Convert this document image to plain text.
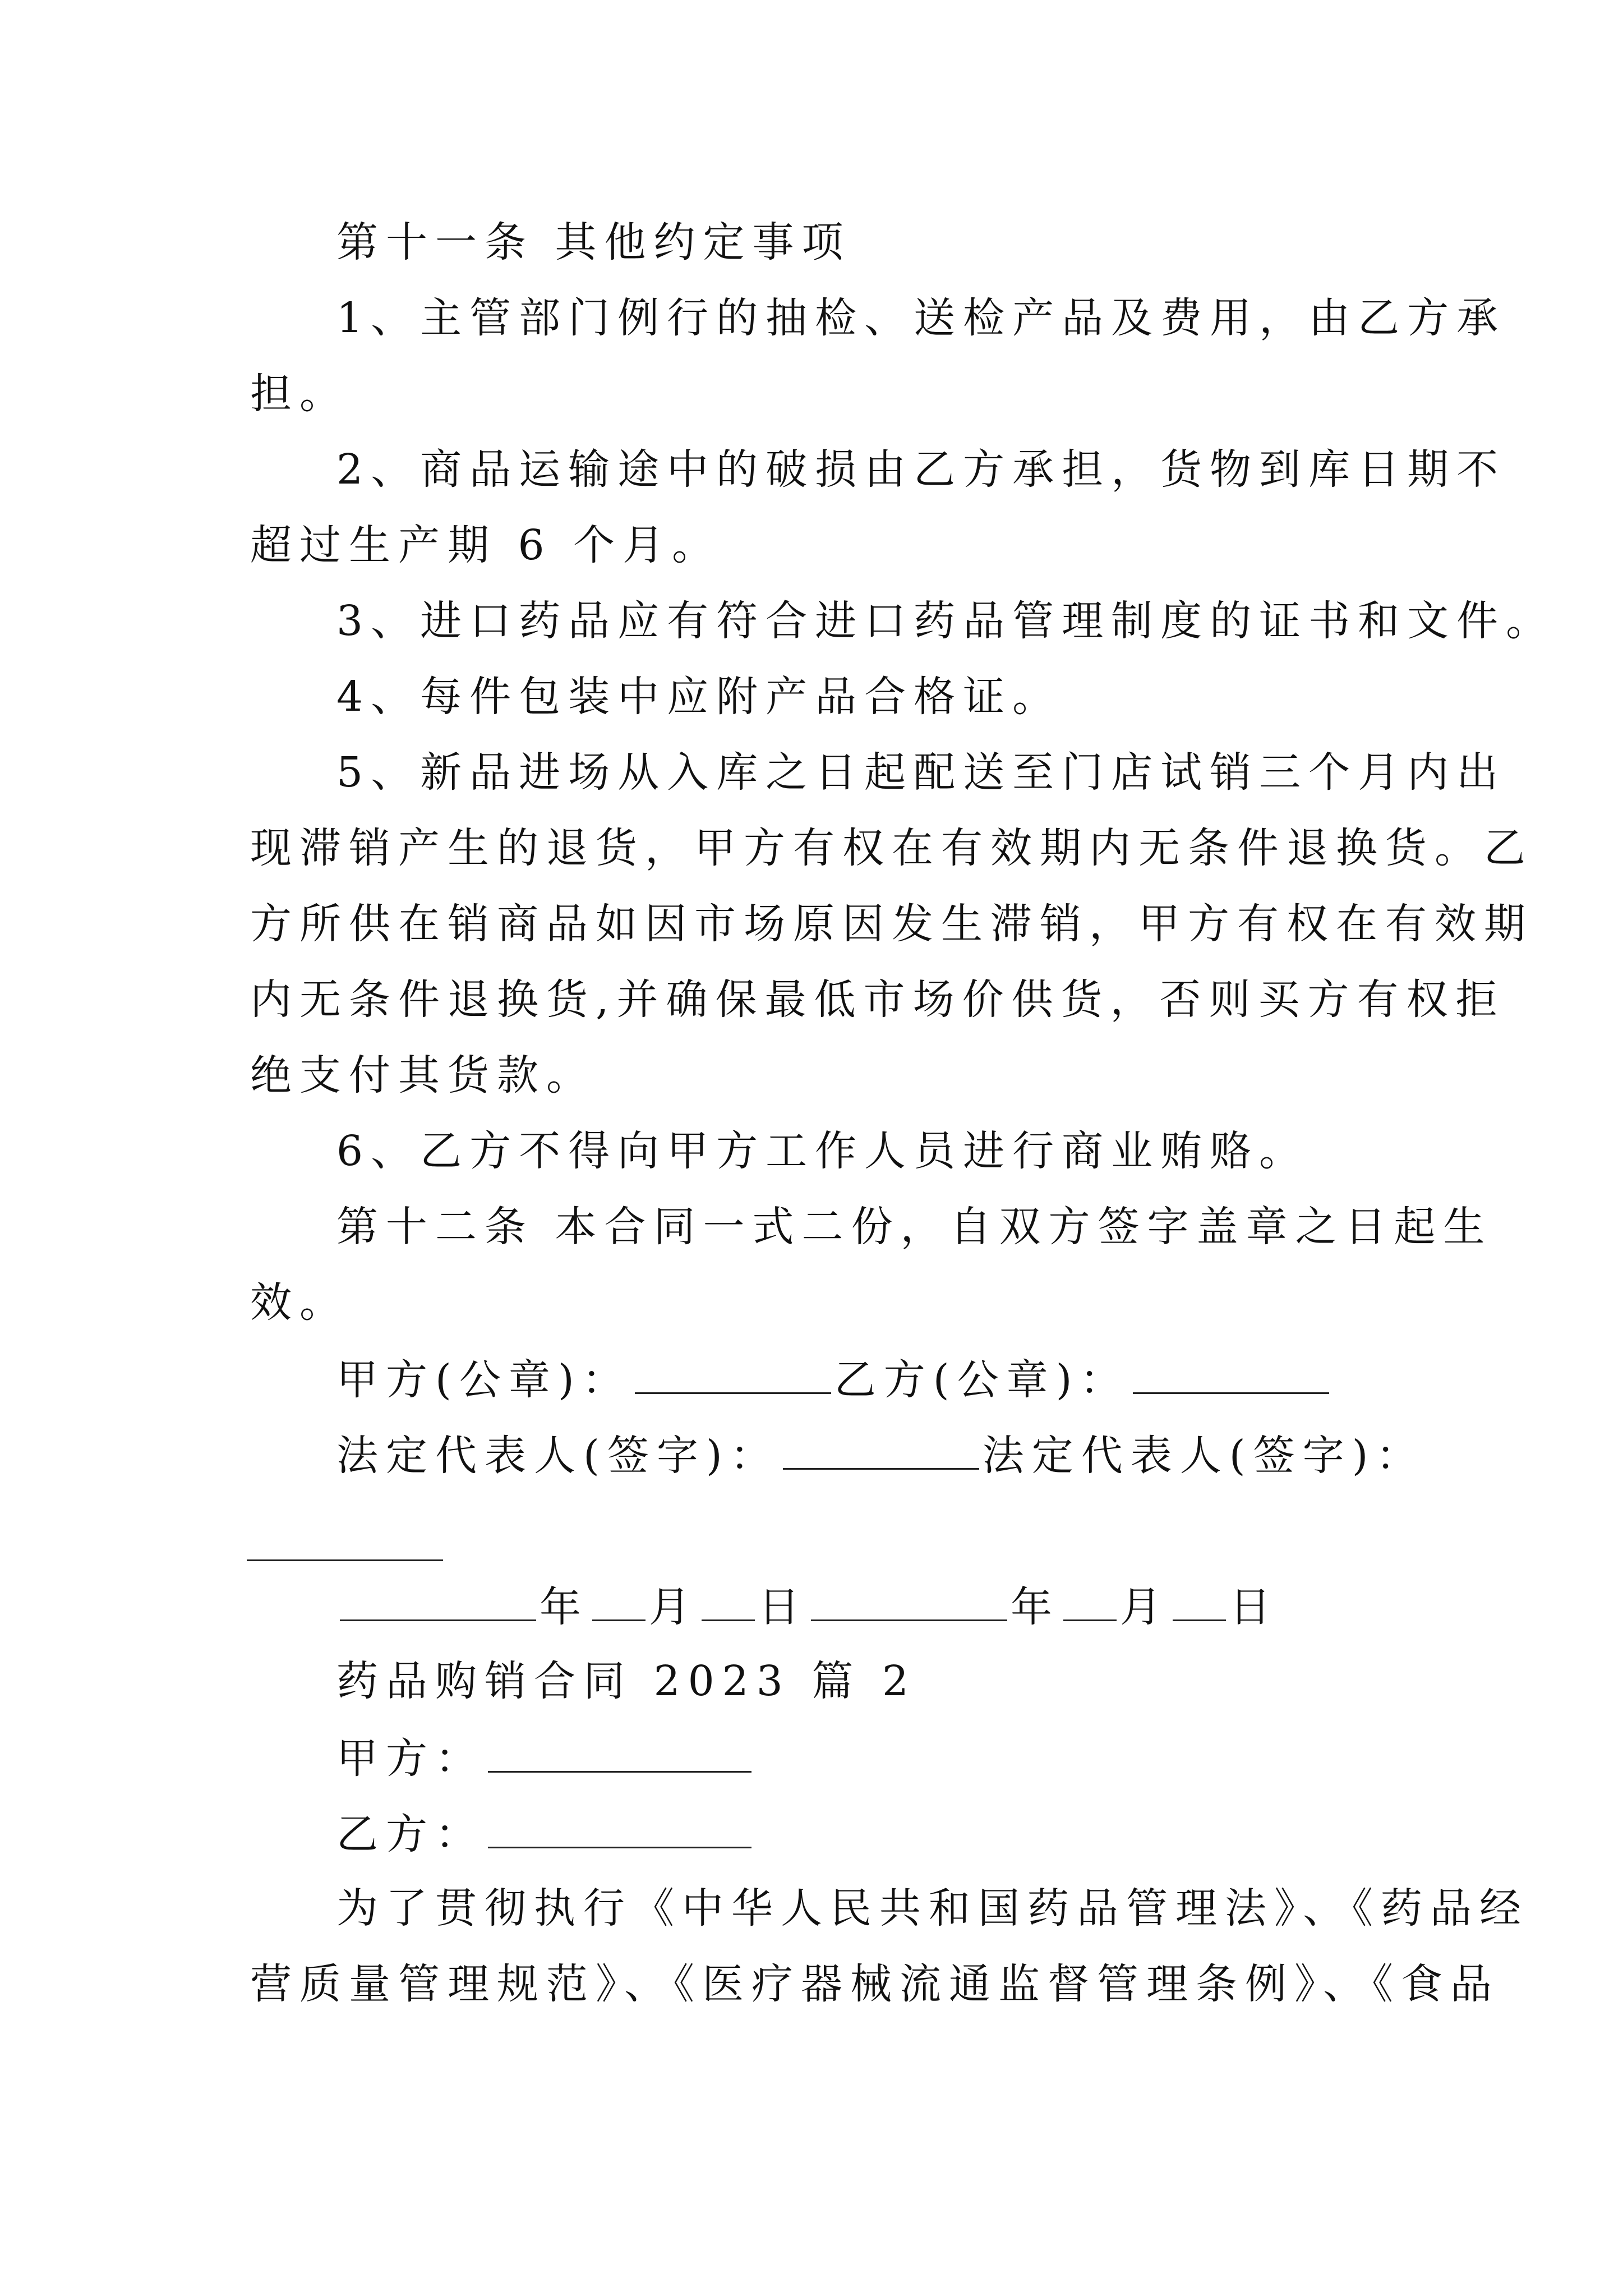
第十一条 其他约定事项

1、主管部门例行的抽检、送检产品及费用，由乙方承

担。

2、商品运输途中的破损由乙方承担，货物到库日期不

超过生产期 6 个月。

3、进口药品应有符合进口药品管理制度的证书和文件。

4、每件包装中应附产品合格证。

5、新品进场从入库之日起配送至门店试销三个月内出

现滞销产生的退货，甲方有权在有效期内无条件退换货。乙

方所供在销商品如因市场原因发生滞销，甲方有权在有效期

内无条件退换货,并确保最低市场价供货，否则买方有权拒

绝支付其货款。

6、乙方不得向甲方工作人员进行商业贿赂。

第十二条 本合同一式二份，自双方签字盖章之日起生

效。

甲方(公章)：	乙方(公章)：

法定代表人(签字)：	法定代表人(签字)：

年 月 日	年 月 日

药品购销合同 2023 篇 2

甲方：

乙方：

为了贯彻执行《中华人民共和国药品管理法》、《药品经

营质量管理规范》、《医疗器械流通监督管理条例》、《食品
